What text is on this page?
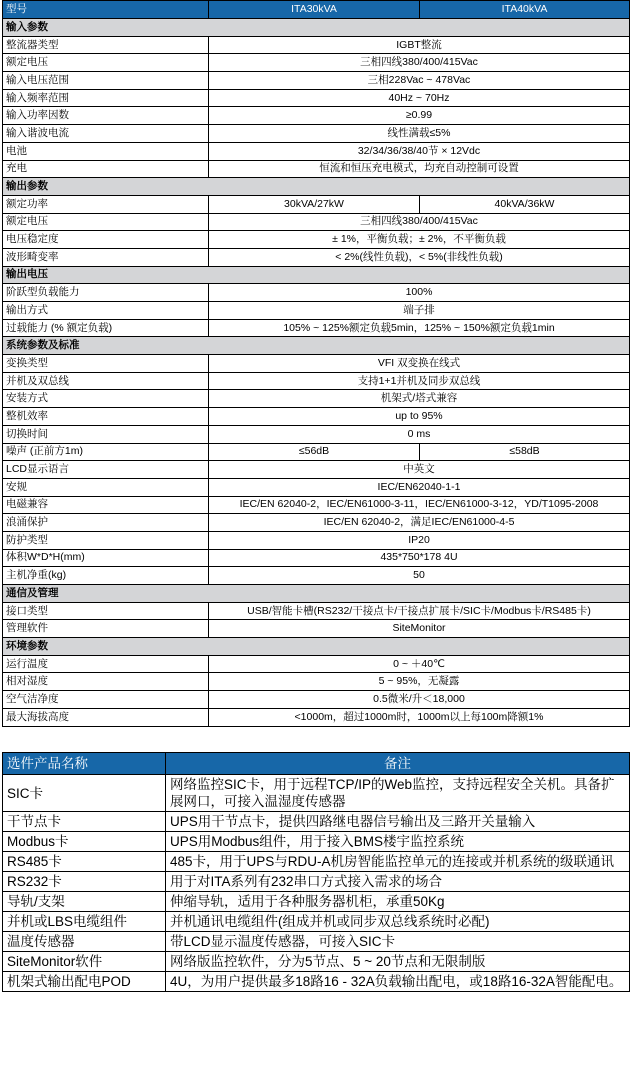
型号	ITA30kVA	ITA40kVA
输入参数		
整流器类型	IGBT整流	
额定电压	三相四线380/400/415Vac	
输入电压范围	三相228Vac ~ 478Vac	
输入频率范围	40Hz ~ 70Hz	
输入功率因数	≥0.99	
输入谐波电流	线性满载≤5%	
电池	32/34/36/38/40节 × 12Vdc	
充电	恒流和恒压充电模式，均充自动控制可设置	
输出参数		
额定功率	30kVA/27kW	40kVA/36kW
额定电压	三相四线380/400/415Vac	
电压稳定度	± 1%，平衡负载；± 2%，不平衡负载	
波形畸变率	< 2%(线性负载)，< 5%(非线性负载)	
输出电压		
阶跃型负载能力	100%	
输出方式	端子排	
过载能力 (% 额定负载)	105% ~ 125%额定负载5min，125% ~ 150%额定负载1min	
系统参数及标准		
变换类型	VFI 双变换在线式	
并机及双总线	支持1+1并机及同步双总线	
安装方式	机架式/塔式兼容	
整机效率	up to 95%	
切换时间	0 ms	
噪声 (正前方1m)	≤56dB	≤58dB
LCD显示语言	中英文	
安规	IEC/EN62040-1-1	
电磁兼容	IEC/EN 62040-2，IEC/EN61000-3-11，IEC/EN61000-3-12，YD/T1095-2008	
浪涌保护	IEC/EN 62040-2，满足IEC/EN61000-4-5	
防护类型	IP20	
体积W*D*H(mm)	435*750*178 4U	
主机净重(kg)	50	
通信及管理		
接口类型	USB/智能卡槽(RS232/干接点卡/干接点扩展卡/SIC卡/Modbus卡/RS485卡)	
管理软件	SiteMonitor	
环境参数		
运行温度	0 ~ ＋40℃	
相对湿度	5 ~ 95%，无凝露	
空气洁净度	0.5微米/升＜18,000	
最大海拔高度	<1000m，超过1000m时，1000m以上每100m降额1%	
选件产品名称	备注
SIC卡	网络监控SIC卡，用于远程TCP/IP的Web监控，支持远程安全关机。具备扩展网口，可接入温湿度传感器
干节点卡	UPS用干节点卡，提供四路继电器信号输出及三路开关量输入
Modbus卡	UPS用Modbus组件，用于接入BMS楼宇监控系统
RS485卡	485卡，用于UPS与RDU-A机房智能监控单元的连接或并机系统的级联通讯
RS232卡	用于对ITA系列有232串口方式接入需求的场合
导轨/支架	伸缩导轨，适用于各种服务器机柜，承重50Kg
并机或LBS电缆组件	并机通讯电缆组件(组成并机或同步双总线系统时必配)
温度传感器	带LCD显示温度传感器，可接入SIC卡
SiteMonitor软件	网络版监控软件，分为5节点、5 ~ 20节点和无限制版
机架式输出配电POD	4U，为用户提供最多18路16 - 32A负载输出配电，或18路16-32A智能配电。
